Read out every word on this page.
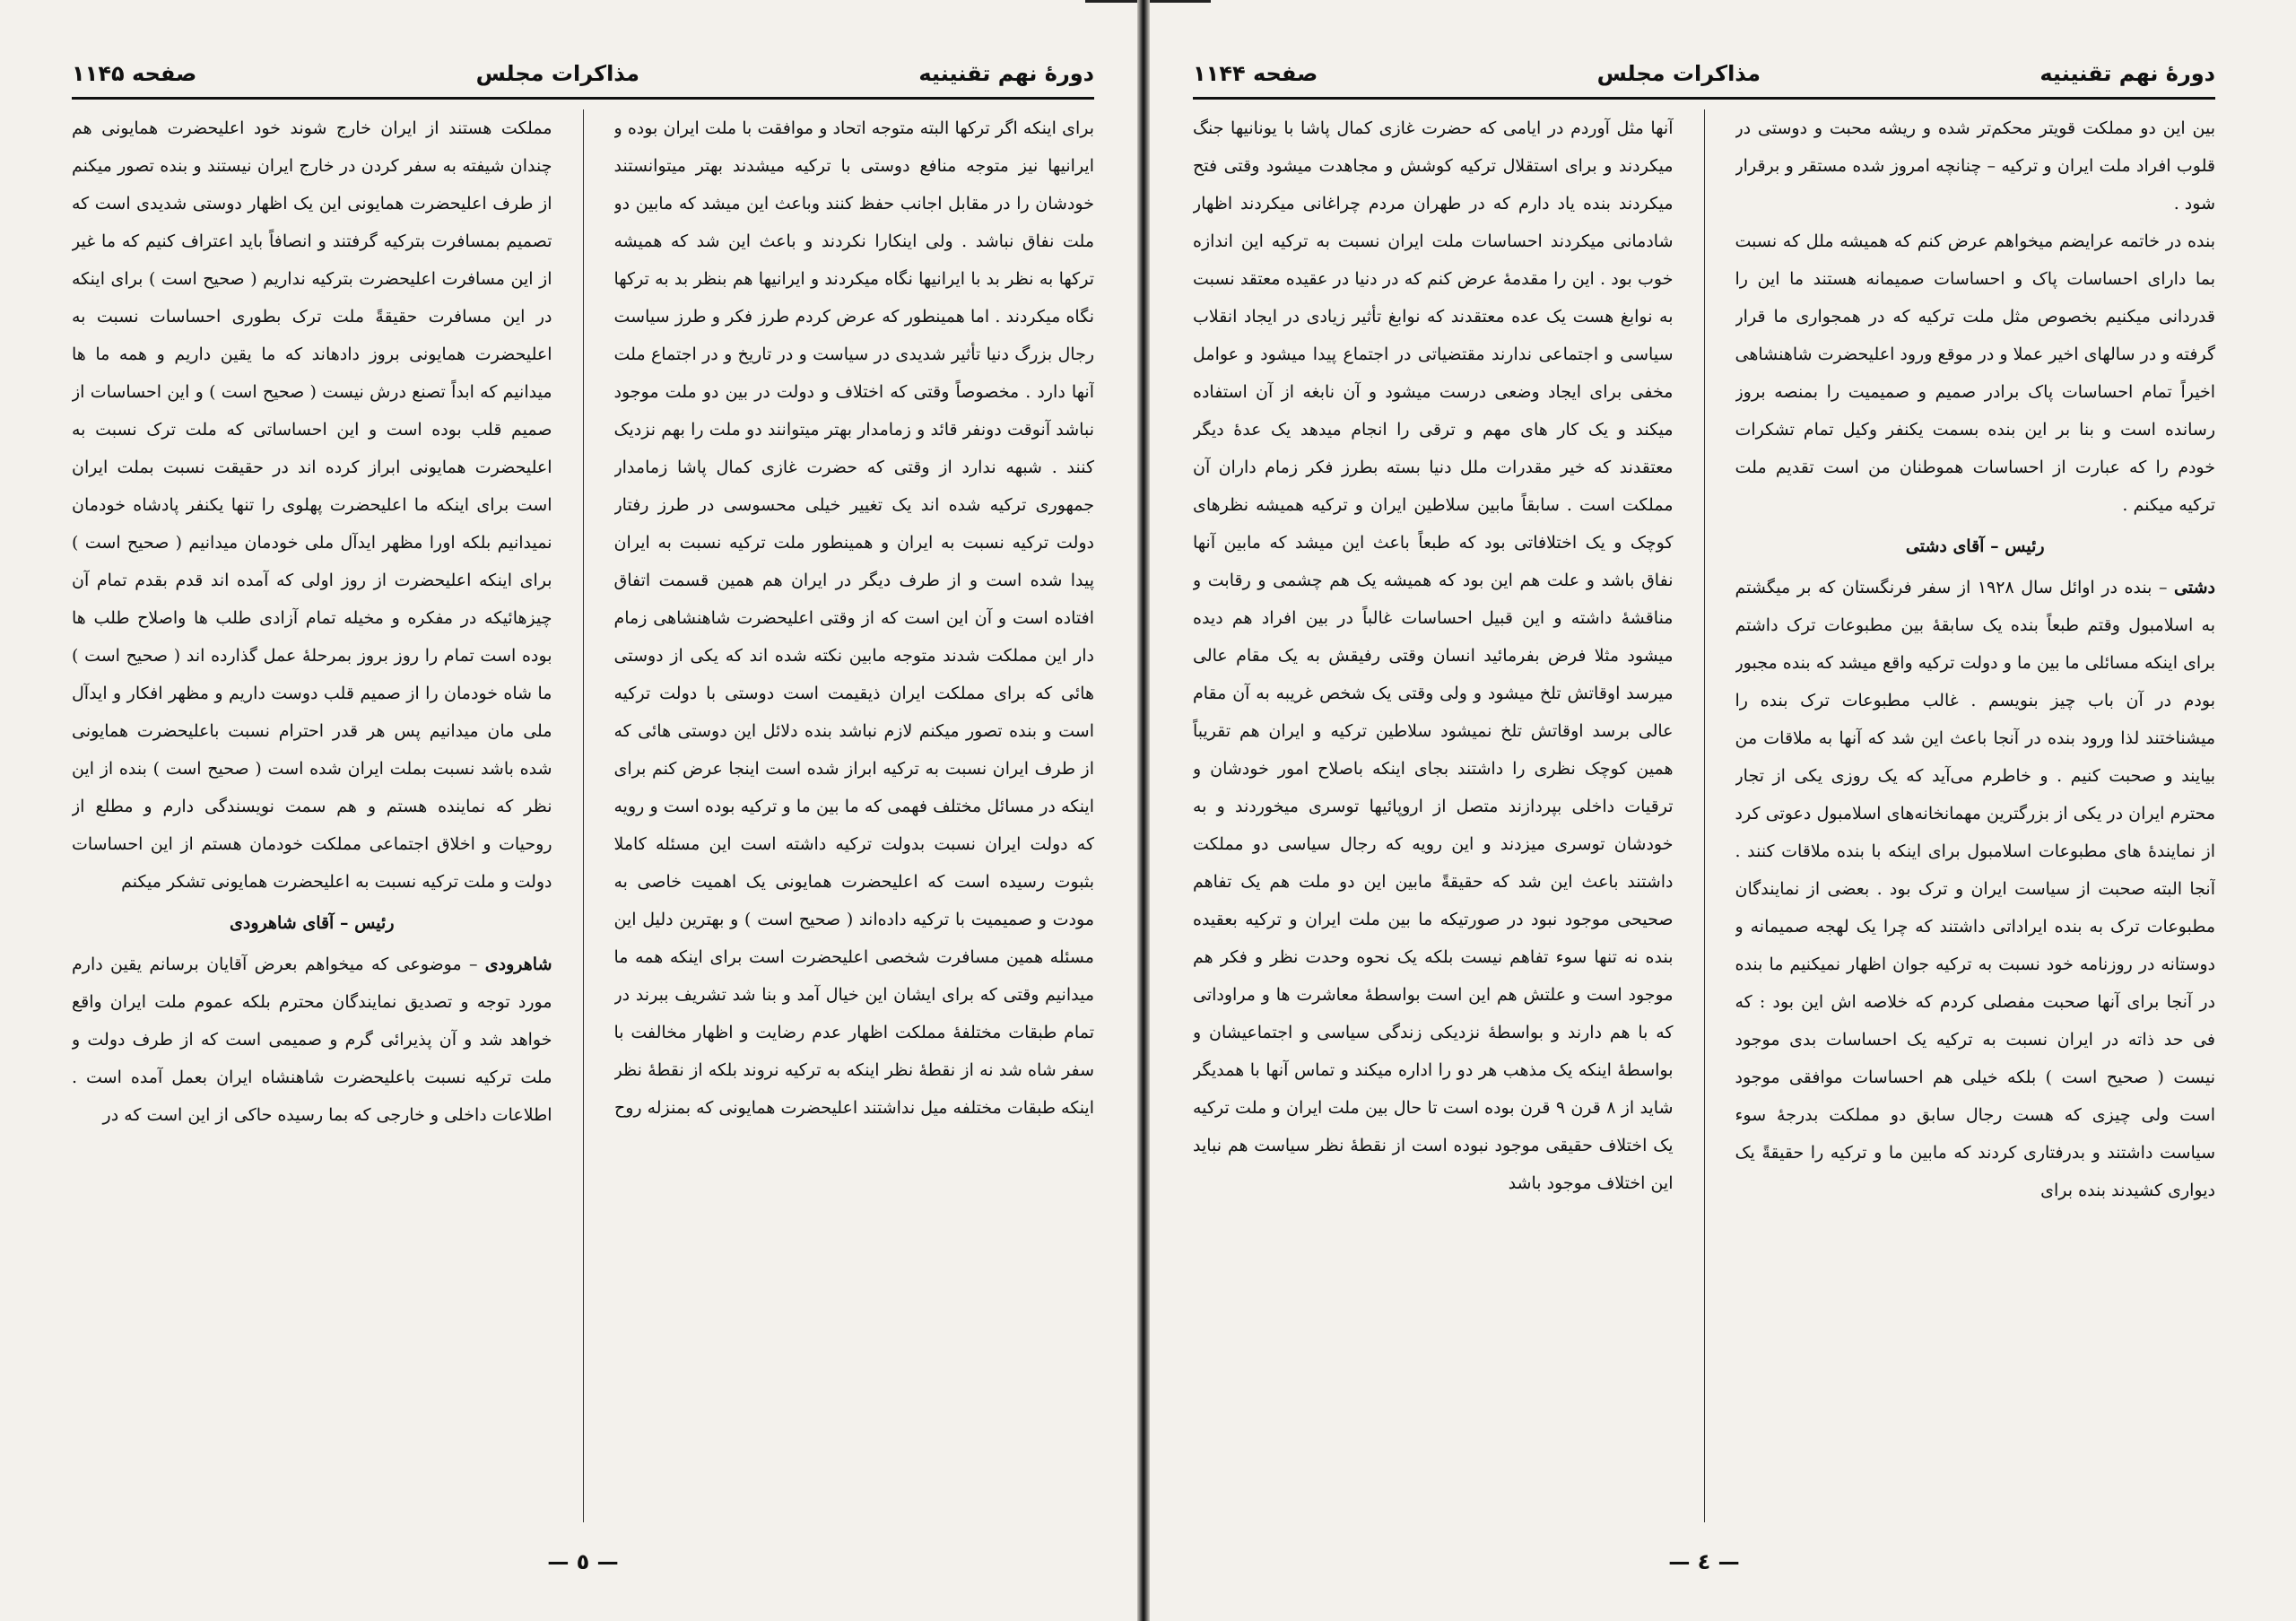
دورهٔ نهم تقنینیه
مذاکرات مجلس
صفحه ۱۱۴۵

برای اینکه اگر ترکها البته متوجه اتحاد و موافقت با ملت ایران بوده و ایرانیها نیز متوجه منافع دوستی با ترکیه میشدند بهتر میتوانستند خودشان را در مقابل اجانب حفظ کنند وباعث این میشد که مابین دو ملت نفاق نباشد . ولی اینکارا نکردند و باعث این شد که همیشه ترکها به نظر بد با ایرانیها نگاه میکردند و ایرانیها هم بنظر بد به ترکها نگاه میکردند . اما همینطور که عرض کردم طرز فکر و طرز سیاست رجال بزرگ دنیا تأثیر شدیدی در سیاست و در تاریخ و در اجتماع ملت آنها دارد . مخصوصاً وقتی که اختلاف و دولت در بین دو ملت موجود نباشد آنوقت دونفر قائد و زمامدار بهتر میتوانند دو ملت را بهم نزدیک کنند . شبهه ندارد از وقتی که حضرت غازی کمال پاشا زمامدار جمهوری ترکیه شده اند یک تغییر خیلی محسوسی در طرز رفتار دولت ترکیه نسبت به ایران و همینطور ملت ترکیه نسبت به ایران پیدا شده است و از طرف دیگر در ایران هم همین قسمت اتفاق افتاده است و آن این است که از وقتی اعلیحضرت شاهنشاهی زمام دار این مملکت شدند متوجه مابین نکته شده اند که یکی از دوستی هائی که برای مملکت ایران ذیقیمت است دوستی با دولت ترکیه است و بنده تصور میکنم لازم نباشد بنده دلائل این دوستی هائی که از طرف ایران نسبت به ترکیه ابراز شده است اینجا عرض کنم برای اینکه در مسائل مختلف فهمی که ما بین ما و ترکیه بوده است و رویه که دولت ایران نسبت بدولت ترکیه داشته است این مسئله کاملا بثبوت رسیده است که اعلیحضرت همایونی یک اهمیت خاصی به مودت و صمیمیت با ترکیه داده‌اند ( صحیح است ) و بهترین دلیل این مسئله همین مسافرت شخصی اعلیحضرت است برای اینکه همه ما میدانیم وقتی که برای ایشان این خیال آمد و بنا شد تشریف ببرند در تمام طبقات مختلفهٔ مملکت اظهار عدم رضایت و اظهار مخالفت با سفر شاه شد نه از نقطهٔ نظر اینکه به ترکیه نروند بلکه از نقطهٔ نظر اینکه طبقات مختلفه میل نداشتند اعلیحضرت همایونی که بمنزله روح

مملکت هستند از ایران خارج شوند خود اعلیحضرت همایونی هم چندان شیفته به سفر کردن در خارج ایران نیستند و بنده تصور میکنم از طرف اعلیحضرت همایونی این یک اظهار دوستی شدیدی است که تصمیم بمسافرت بترکیه گرفتند و انصافاً باید اعتراف کنیم که ما غیر از این مسافرت اعلیحضرت بترکیه نداریم ( صحیح است ) برای اینکه در این مسافرت حقیقةً ملت ترک بطوری احساسات نسبت به اعلیحضرت همایونی بروز دادهاند که ما یقین داریم و همه ما ها میدانیم که ابداً تصنع درش نیست ( صحیح است ) و این احساسات از صمیم قلب بوده است و این احساساتی که ملت ترک نسبت به اعلیحضرت همایونی ابراز کرده اند در حقیقت نسبت بملت ایران است برای اینکه ما اعلیحضرت پهلوی را تنها یکنفر پادشاه خودمان نمیدانیم بلکه اورا مظهر ایدآل ملی خودمان میدانیم ( صحیح است ) برای اینکه اعلیحضرت از روز اولی که آمده اند قدم بقدم تمام آن چیزهائیکه در مفکره و مخیله تمام آزادی طلب ها واصلاح طلب ها بوده است تمام را روز بروز بمرحلهٔ عمل گذارده اند ( صحیح است ) ما شاه خودمان را از صمیم قلب دوست داریم و مظهر افکار و ایدآل ملی مان میدانیم پس هر قدر احترام نسبت باعلیحضرت همایونی شده باشد نسبت بملت ایران شده است ( صحیح است ) بنده از این نظر که نماینده هستم و هم سمت نویسندگی دارم و مطلع از روحیات و اخلاق اجتماعی مملکت خودمان هستم از این احساسات دولت و ملت ترکیه نسبت به اعلیحضرت همایونی تشکر میکنم

رئیس – آقای شاهرودی

شاهرودی – موضوعی که میخواهم بعرض آقایان برسانم یقین دارم مورد توجه و تصدیق نمایندگان محترم بلکه عموم ملت ایران واقع خواهد شد و آن پذیرائی گرم و صمیمی است که از طرف دولت و ملت ترکیه نسبت باعلیحضرت شاهنشاه ایران بعمل آمده است . اطلاعات داخلی و خارجی که بما رسیده حاکی از این است که در

— ٥ —
دورهٔ نهم تقنینیه
مذاکرات مجلس
صفحه ۱۱۴۴

بین این دو مملکت قویتر محکم‌تر شده و ریشه محبت و دوستی در قلوب افراد ملت ایران و ترکیه – چنانچه امروز شده مستقر و برقرار شود .

بنده در خاتمه عرایضم میخواهم عرض کنم که همیشه ملل که نسبت بما دارای احساسات پاک و احساسات صمیمانه هستند ما این را قدردانی میکنیم بخصوص مثل ملت ترکیه که در همجواری ما قرار گرفته و در سالهای اخیر عملا و در موقع ورود اعلیحضرت شاهنشاهی اخیراً تمام احساسات پاک برادر صمیم و صمیمیت را بمنصه بروز رسانده است و بنا بر این بنده بسمت یکنفر وکیل تمام تشکرات خودم را که عبارت از احساسات هموطنان من است تقدیم ملت ترکیه میکنم .

رئیس – آقای دشتی

دشتی – بنده در اوائل سال ۱۹۲۸ از سفر فرنگستان که بر میگشتم به اسلامبول وقتم طبعاً بنده یک سابقهٔ بین مطبوعات ترک داشتم برای اینکه مسائلی ما بین ما و دولت ترکیه واقع میشد که بنده مجبور بودم در آن باب چیز بنویسم . غالب مطبوعات ترک بنده را میشناختند لذا ورود بنده در آنجا باعث این شد که آنها به ملاقات من بیایند و صحبت کنیم . و خاطرم می‌آید که یک روزی یکی از تجار محترم ایران در یکی از بزرگترین مهمانخانه‌های اسلامبول دعوتی کرد از نمایندهٔ های مطبوعات اسلامبول برای اینکه با بنده ملاقات کنند . آنجا البته صحبت از سیاست ایران و ترک بود . بعضی از نمایندگان مطبوعات ترک به بنده ایراداتی داشتند که چرا یک لهجه صمیمانه و دوستانه در روزنامه خود نسبت به ترکیه جوان اظهار نمیکنیم ما بنده در آنجا برای آنها صحبت مفصلی کردم که خلاصه اش این بود : که فی حد ذاته در ایران نسبت به ترکیه یک احساسات بدی موجود نیست ( صحیح است ) بلکه خیلی هم احساسات موافقی موجود است ولی چیزی که هست رجال سابق دو مملکت بدرجهٔ سوء سیاست داشتند و بدرفتاری کردند که مابین ما و ترکیه را حقیقةً یک دیواری کشیدند بنده برای

آنها مثل آوردم در ایامی که حضرت غازی کمال پاشا با یونانیها جنگ میکردند و برای استقلال ترکیه کوشش و مجاهدت میشود وقتی فتح میکردند بنده یاد دارم که در طهران مردم چراغانی میکردند اظهار شادمانی میکردند احساسات ملت ایران نسبت به ترکیه این اندازه خوب بود . این را مقدمهٔ عرض کنم که در دنیا در عقیده معتقد نسبت به نوابغ هست یک عده معتقدند که نوابغ تأثیر زیادی در ایجاد انقلاب سیاسی و اجتماعی ندارند مقتضیاتی در اجتماع پیدا میشود و عوامل مخفی برای ایجاد وضعی درست میشود و آن نابغه از آن استفاده میکند و یک کار های مهم و ترقی را انجام میدهد یک عدهٔ دیگر معتقدند که خیر مقدرات ملل دنیا بسته بطرز فکر زمام داران آن مملکت است . سابقاً مابین سلاطین ایران و ترکیه همیشه نظرهای کوچک و یک اختلافاتی بود که طبعاً باعث این میشد که مابین آنها نفاق باشد و علت هم این بود که همیشه یک هم چشمی و رقابت و مناقشهٔ داشته و این قبیل احساسات غالباً در بین افراد هم دیده میشود مثلا فرض بفرمائید انسان وقتی رفیقش به یک مقام عالی میرسد اوقاتش تلخ میشود و ولی وقتی یک شخص غریبه به آن مقام عالی برسد اوقاتش تلخ نمیشود سلاطین ترکیه و ایران هم تقریباً همین کوچک نظری را داشتند بجای اینکه باصلاح امور خودشان و ترقیات داخلی بپردازند متصل از اروپائیها توسری میخوردند و به خودشان توسری میزدند و این رویه که رجال سیاسی دو مملکت داشتند باعث این شد که حقیقةً مابین این دو ملت هم یک تفاهم صحیحی موجود نبود در صورتیکه ما بین ملت ایران و ترکیه بعقیده بنده نه تنها سوء تفاهم نیست بلکه یک نحوه وحدت نظر و فکر هم موجود است و علتش هم این است بواسطهٔ معاشرت ها و مراوداتی که با هم دارند و بواسطهٔ نزدیکی زندگی سیاسی و اجتماعیشان و بواسطهٔ اینکه یک مذهب هر دو را اداره میکند و تماس آنها با همدیگر شاید از ۸ قرن ۹ قرن بوده است تا حال بین ملت ایران و ملت ترکیه یک اختلاف حقیقی موجود نبوده است از نقطهٔ نظر سیاست هم نباید این اختلاف موجود باشد

— ٤ —
